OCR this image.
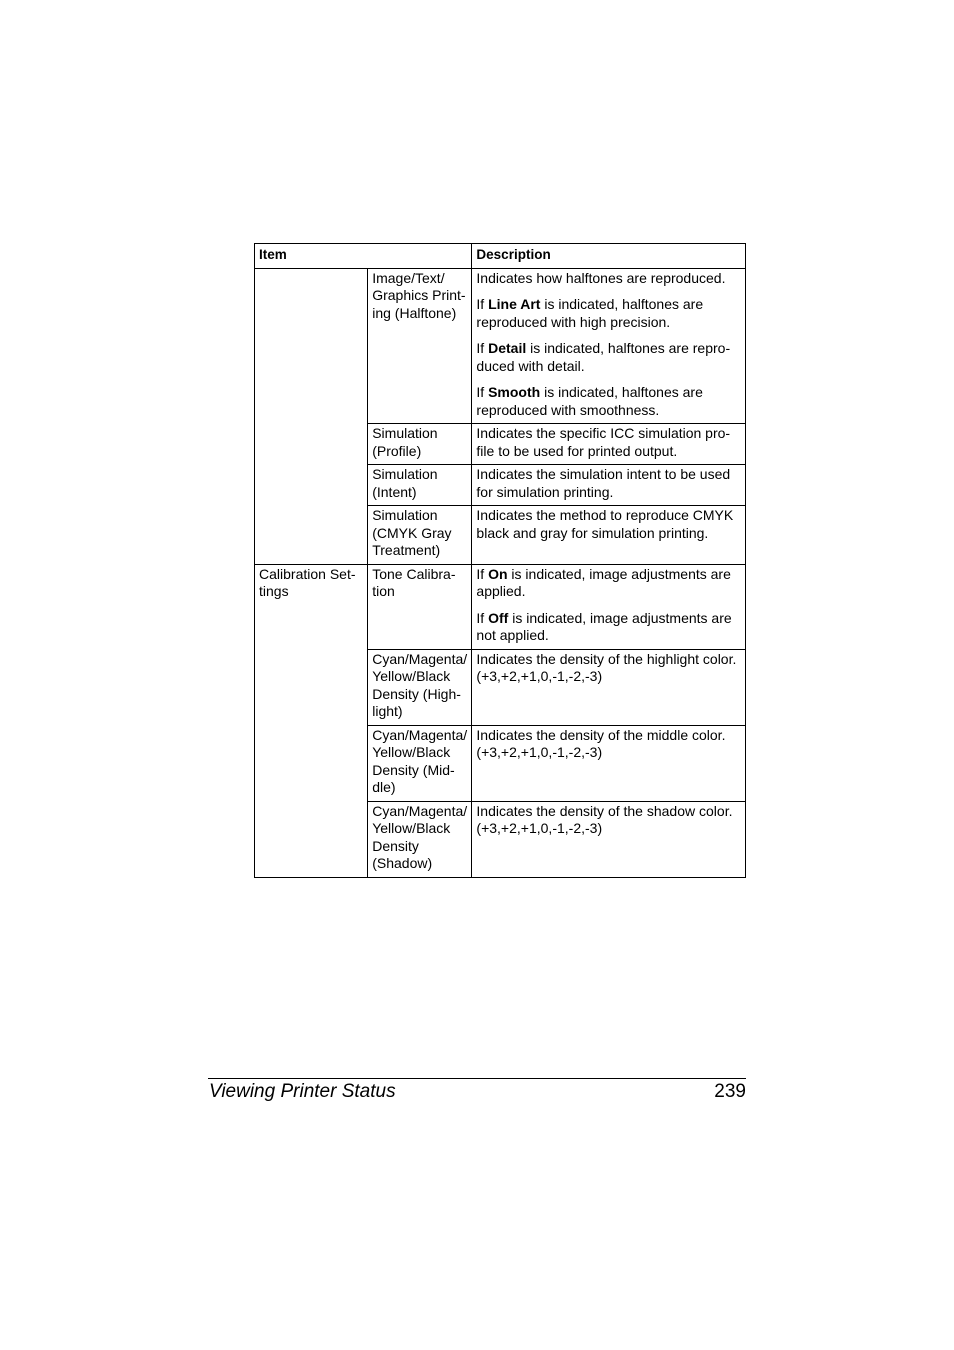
Item		Description
	Image/Text/ Graphics Print- ing (Halftone)	Indicates how halftones are reproduced.

If Line Art is indicated, halftones are reproduced with high precision.

If Detail is indicated, halftones are repro- duced with detail.

If Smooth is indicated, halftones are reproduced with smoothness.

	Simulation (Profile)	Indicates the specific ICC simulation pro- file to be used for printed output.

	Simulation (Intent)	Indicates the simulation intent to be used for simulation printing.

	Simulation (CMYK Gray Treatment)	Indicates the method to reproduce CMYK black and gray for simulation printing.

Calibration Set- tings	Tone Calibra- tion	If On is indicated, image adjustments are applied.

If Off is indicated, image adjustments are not applied.

	Cyan/Magenta/ Yellow/Black Density (High- light)	Indicates the density of the highlight color.
(+3,+2,+1,0,-1,-2,-3)

	Cyan/Magenta/ Yellow/Black Density (Mid- dle)	Indicates the density of the middle color.
(+3,+2,+1,0,-1,-2,-3)

	Cyan/Magenta/ Yellow/Black Density (Shadow)	Indicates the density of the shadow color.
(+3,+2,+1,0,-1,-2,-3)
Viewing Printer Status	239
